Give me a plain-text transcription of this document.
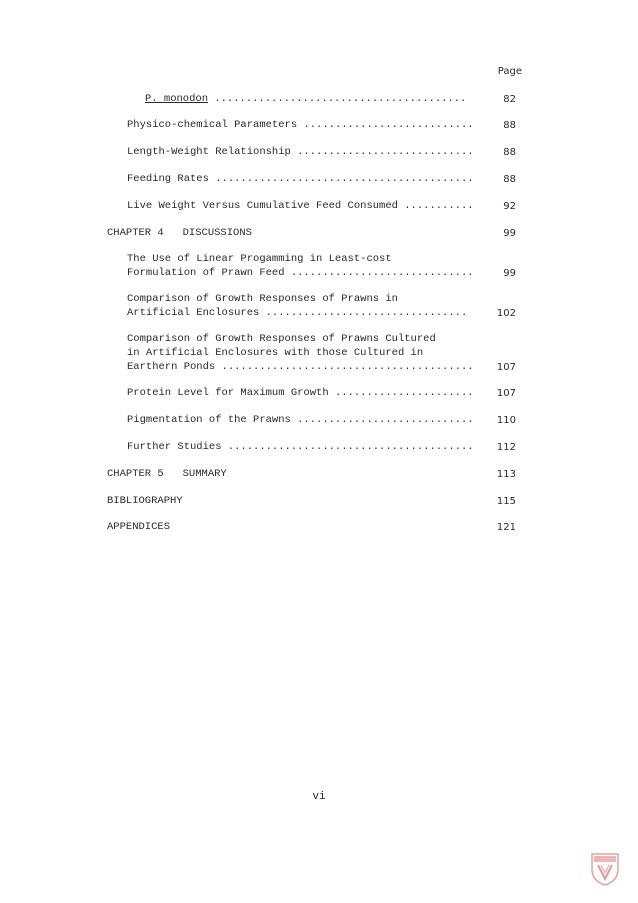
Page
P. monodon ........................................	82
Physico-chemical Parameters ...........................	88
Length-Weight Relationship ............................	88
Feeding Rates .........................................	88
Live Weight Versus Cumulative Feed Consumed ...........	92
CHAPTER 4   DISCUSSIONS	99
The Use of Linear Progamming in Least-cost
Formulation of Prawn Feed .............................	99
Comparison of Growth Responses of Prawns in
Artificial Enclosures ................................	102
Comparison of Growth Responses of Prawns Cultured
in Artificial Enclosures with those Cultured in
Earthern Ponds ........................................	107
Protein Level for Maximum Growth ......................	107
Pigmentation of the Prawns ............................	110
Further Studies .......................................	112
CHAPTER 5   SUMMARY	113
BIBLIOGRAPHY	115
APPENDICES	121
vi
